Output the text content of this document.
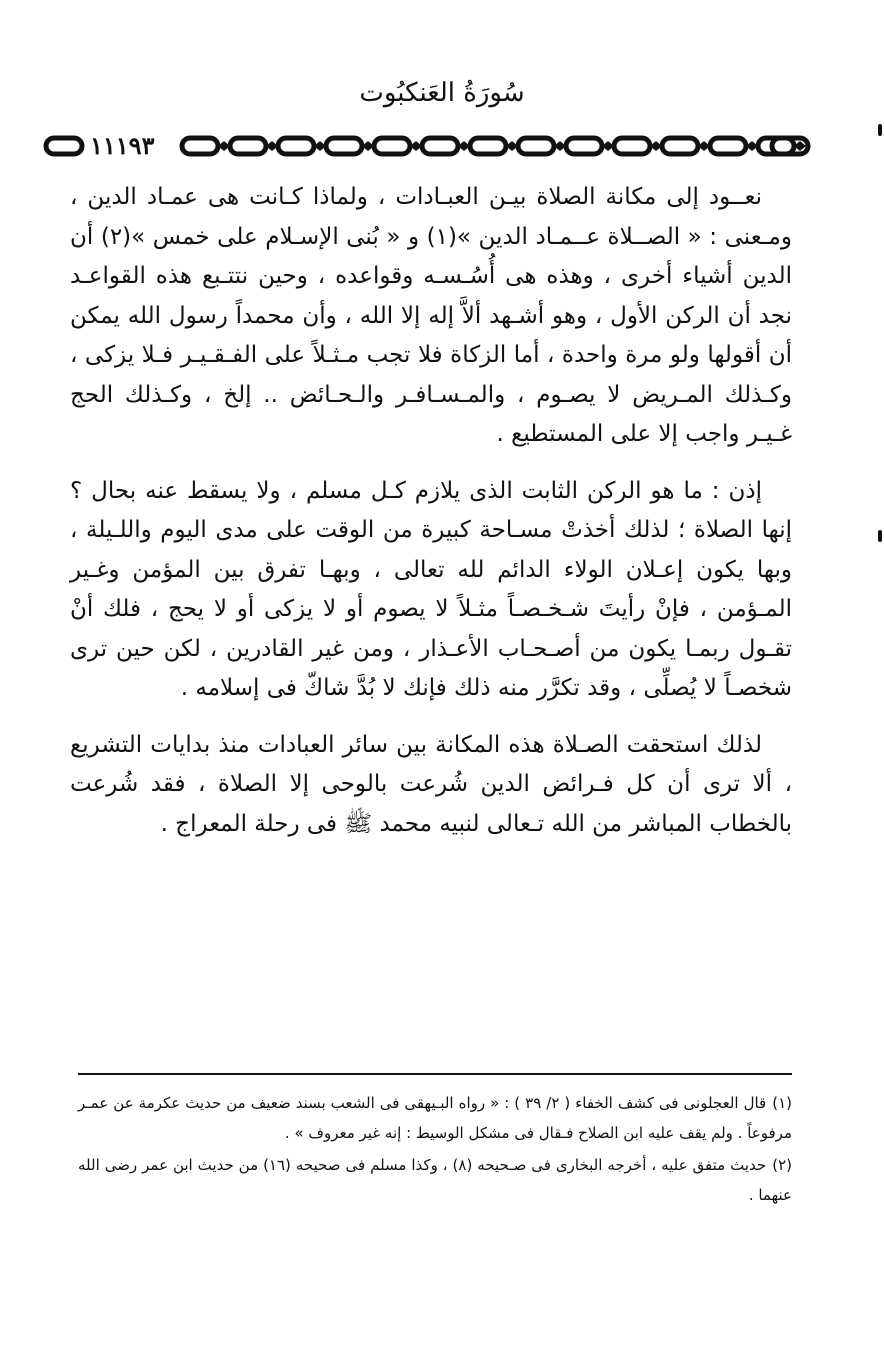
سُورَةُ العَنكبُوت
١١١٩٣

نعــود إلى مكانة الصلاة بيـن العبـادات ، ولماذا كـانت هى عمـاد الدين ، ومـعنى : « الصــلاة عــمـاد الدين »(١) و « بُنى الإسـلام على خمس »(٢) أن الدين أشياء أخرى ، وهذه هى أُسُـسـه وقواعده ، وحين نتتـبع هذه القواعـد نجد أن الركن الأول ، وهو أشـهد ألاَّ إله إلا الله ، وأن محمداً رسول الله يمكن أن أقولها ولو مرة واحدة ، أما الزكاة فلا تجب مـثـلاً على الفـقـيـر فـلا يزكى ، وكـذلك المـريض لا يصـوم ، والمـسـافـر والـحـائض .. إلخ ، وكـذلك الحج غـيـر واجب إلا على المستطيع .

إذن : ما هو الركن الثابت الذى يلازم كـل مسلم ، ولا يسقط عنه بحال ؟ إنها الصلاة ؛ لذلك أخذتْ مسـاحة كبيرة من الوقت على مدى اليوم واللـيلة ، وبها يكون إعـلان الولاء الدائم لله تعالى ، وبهـا تفرق بين المؤمن وغـير المـؤمن ، فإنْ رأيتَ شـخـصـاً مثـلاً لا يصوم أو لا يزكى أو لا يحج ، فلك أنْ تقـول ربمـا يكون من أصـحـاب الأعـذار ، ومن غير القادرين ، لكن حين ترى شخصـاً لا يُصلِّى ، وقد تكرَّر منه ذلك فإنك لا بُدَّ شاكّ فى إسلامه .

لذلك استحقت الصـلاة هذه المكانة بين سائر العبادات منذ بدايات التشريع ، ألا ترى أن كل فـرائض الدين شُرعت بالوحى إلا الصلاة ، فقد شُرعت بالخطاب المباشر من الله تـعالى لنبيه محمد ﷺ فى رحلة المعراج .

(١)قال العجلونى فى كشف الخفاء ( ٢/ ٣٩ ) : « رواه البـيهقى فى الشعب بسند ضعيف من حديث عكرمة عن عمـر مرفوعاً . ولم يقف عليه ابن الصلاح فـقال فى مشكل الوسيط : إنه غير معروف » .
(٢)حديث متفق عليه ، أخرجه البخارى فى صـحيحه (٨) ، وكذا مسلم فى صحيحه (١٦) من حديث ابن عمر رضى الله عنهما .
